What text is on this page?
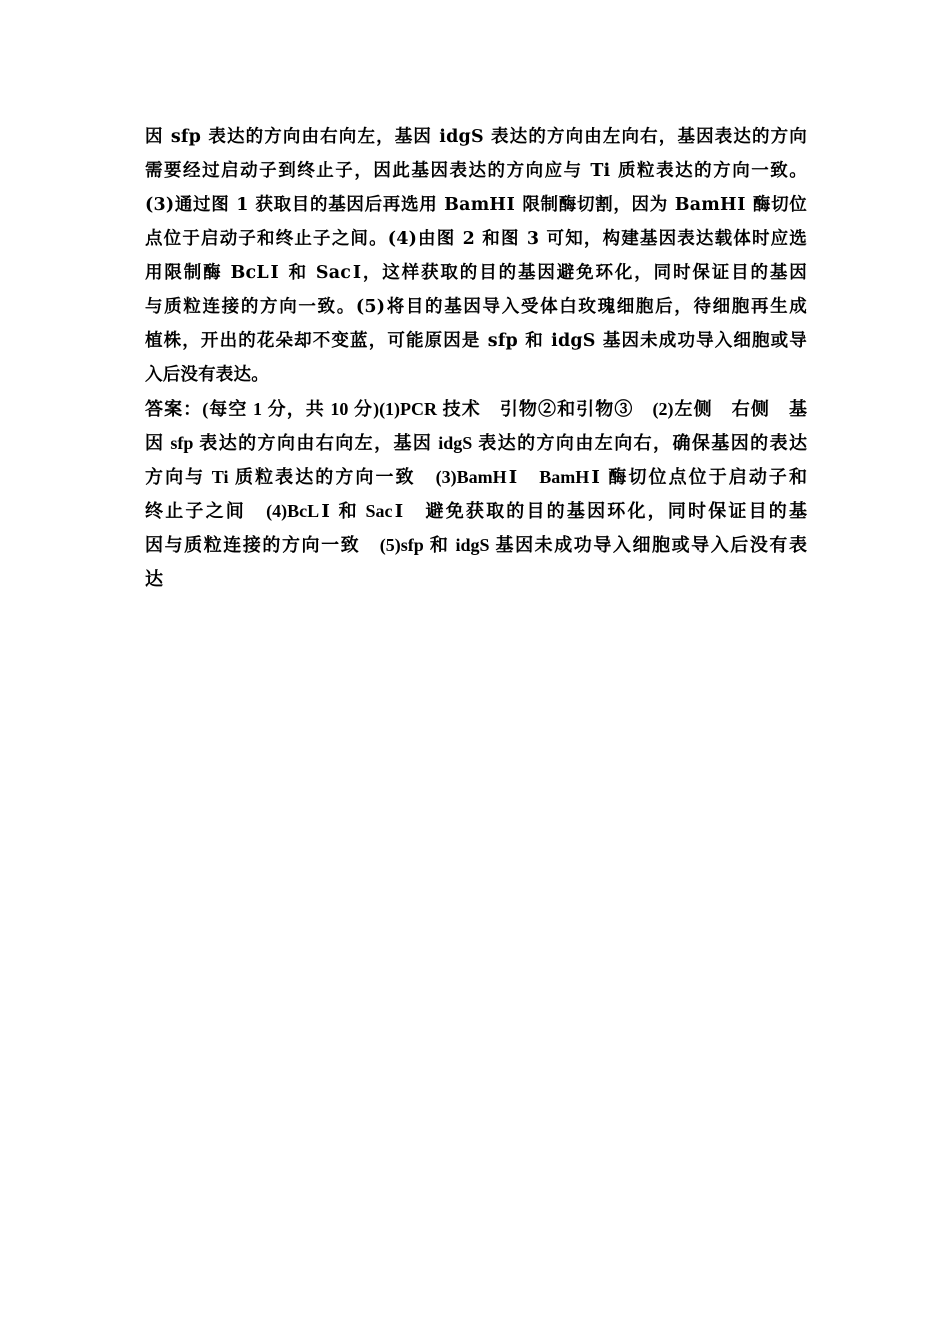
因 sfp 表达的方向由右向左，基因 idgS 表达的方向由左向右，基因表达的方向
需要经过启动子到终止子，因此基因表达的方向应与 Ti 质粒表达的方向一致。
(3)通过图 1 获取目的基因后再选用 BamHⅠ 限制酶切割，因为 BamHⅠ 酶切位
点位于启动子和终止子之间。(4)由图 2 和图 3 可知，构建基因表达载体时应选
用限制酶 BcLⅠ 和 SacⅠ，这样获取的目的基因避免环化，同时保证目的基因
与质粒连接的方向一致。(5)将目的基因导入受体白玫瑰细胞后，待细胞再生成
植株，开出的花朵却不变蓝，可能原因是 sfp 和 idgS 基因未成功导入细胞或导
入后没有表达。
答案：(每空 1 分，共 10 分)(1)PCR 技术　引物②和引物③　(2)左侧　右侧　基
因 sfp 表达的方向由右向左，基因 idgS 表达的方向由左向右，确保基因的表达
方向与 Ti 质粒表达的方向一致　(3)BamHⅠ　BamHⅠ 酶切位点位于启动子和
终止子之间　(4)BcLⅠ 和 SacⅠ　避免获取的目的基因环化，同时保证目的基
因与质粒连接的方向一致　(5)sfp 和 idgS 基因未成功导入细胞或导入后没有表
达
